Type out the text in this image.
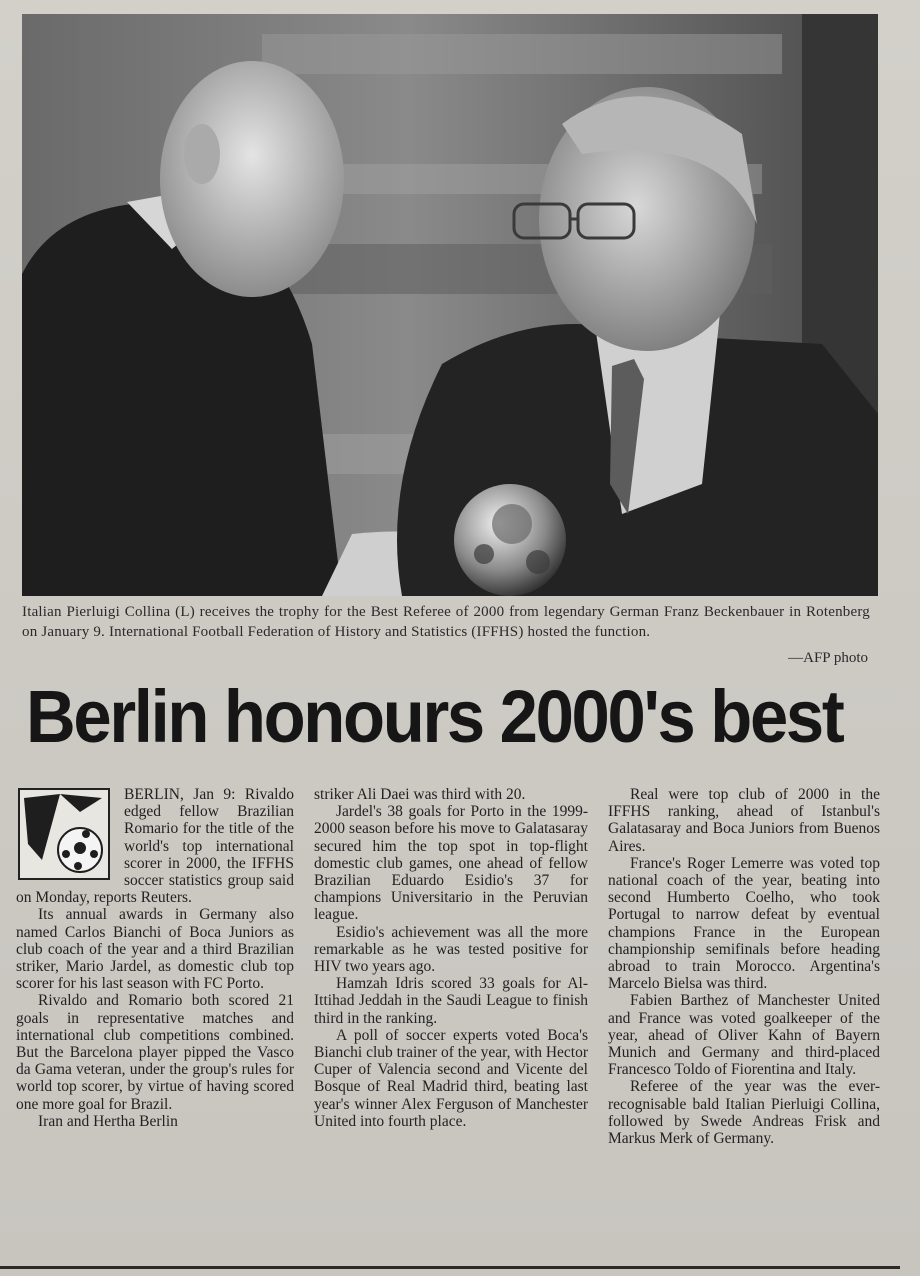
Italian Pierluigi Collina (L) receives the trophy for the Best Referee of 2000 from legendary German Franz Beckenbauer in Rotenberg on January 9. International Football Federation of History and Statistics (IFFHS) hosted the function.

—AFP photo
Berlin honours 2000's best

BERLIN, Jan 9: Rivaldo edged fellow Brazilian Romario for the title of the world's top international scorer in 2000, the IFFHS soccer statistics group said on Monday, reports Reuters.

Its annual awards in Germany also named Carlos Bianchi of Boca Juniors as club coach of the year and a third Brazilian striker, Mario Jardel, as domestic club top scorer for his last season with FC Porto.

Rivaldo and Romario both scored 21 goals in representative matches and international club competitions combined. But the Barcelona player pipped the Vasco da Gama veteran, under the group's rules for world top scorer, by virtue of having scored one more goal for Brazil.

Iran and Hertha Berlin

striker Ali Daei was third with 20.

Jardel's 38 goals for Porto in the 1999-2000 season before his move to Galatasaray secured him the top spot in top-flight domestic club games, one ahead of fellow Brazilian Eduardo Esidio's 37 for champions Universitario in the Peruvian league.

Esidio's achievement was all the more remarkable as he was tested positive for HIV two years ago.

Hamzah Idris scored 33 goals for Al-Ittihad Jeddah in the Saudi League to finish third in the ranking.

A poll of soccer experts voted Boca's Bianchi club trainer of the year, with Hector Cuper of Valencia second and Vicente del Bosque of Real Madrid third, beating last year's winner Alex Ferguson of Manchester United into fourth place.

Real were top club of 2000 in the IFFHS ranking, ahead of Istanbul's Galatasaray and Boca Juniors from Buenos Aires.

France's Roger Lemerre was voted top national coach of the year, beating into second Humberto Coelho, who took Portugal to narrow defeat by eventual champions France in the European championship semifinals before heading abroad to train Morocco. Argentina's Marcelo Bielsa was third.

Fabien Barthez of Manchester United and France was voted goalkeeper of the year, ahead of Oliver Kahn of Bayern Munich and Germany and third-placed Francesco Toldo of Fiorentina and Italy.

Referee of the year was the ever-recognisable bald Italian Pierluigi Collina, followed by Swede Andreas Frisk and Markus Merk of Germany.
